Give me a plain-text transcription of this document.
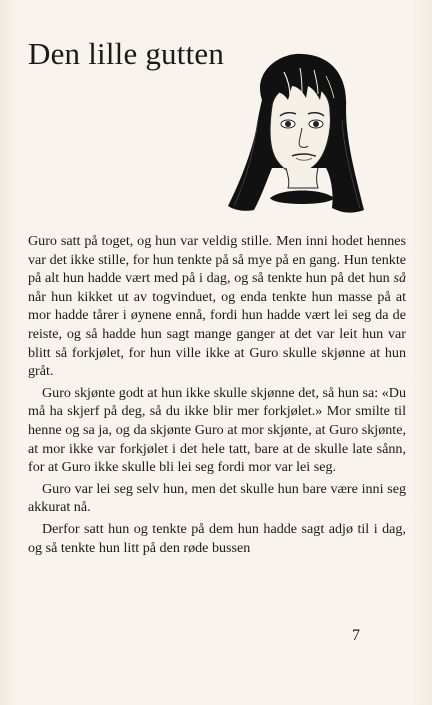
Den lille gutten

Guro satt på toget, og hun var veldig stille. Men inni hodet hennes var det ikke stille, for hun tenkte på så mye på en gang. Hun tenkte på alt hun hadde vært med på i dag, og så tenkte hun på det hun så når hun kikket ut av togvinduet, og enda tenkte hun masse på at mor hadde tårer i øynene ennå, fordi hun hadde vært lei seg da de reiste, og så hadde hun sagt mange ganger at det var leit hun var blitt så forkjølet, for hun ville ikke at Guro skulle skjønne at hun gråt.

Guro skjønte godt at hun ikke skulle skjønne det, så hun sa: «Du må ha skjerf på deg, så du ikke blir mer forkjølet.» Mor smilte til henne og sa ja, og da skjønte Guro at mor skjønte, at Guro skjønte, at mor ikke var forkjølet i det hele tatt, bare at de skulle late sånn, for at Guro ikke skulle bli lei seg fordi mor var lei seg.

Guro var lei seg selv hun, men det skulle hun bare være inni seg akkurat nå.

Derfor satt hun og tenkte på dem hun hadde sagt adjø til i dag, og så tenkte hun litt på den røde bussen

7
